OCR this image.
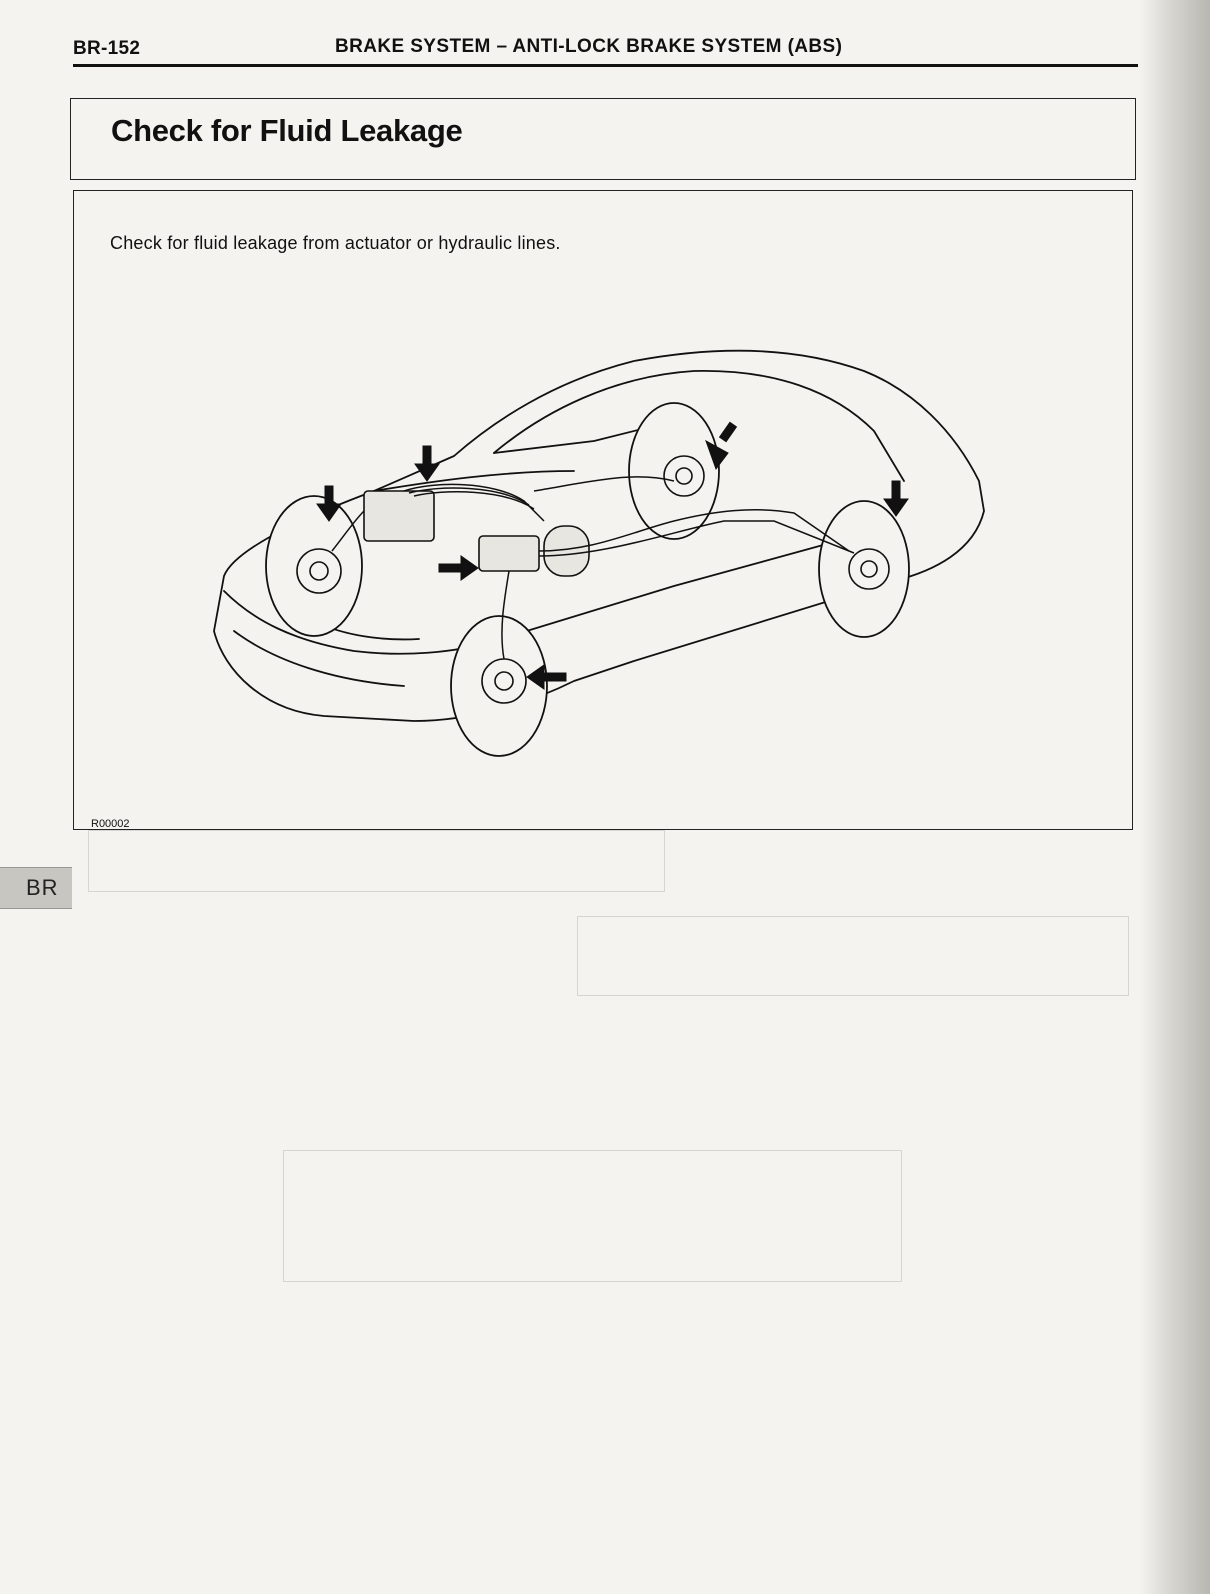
BR-152	BRAKE SYSTEM – ANTI-LOCK BRAKE SYSTEM (ABS)
Check for Fluid Leakage
Check for fluid leakage from actuator or hydraulic lines.
R00002
BR
